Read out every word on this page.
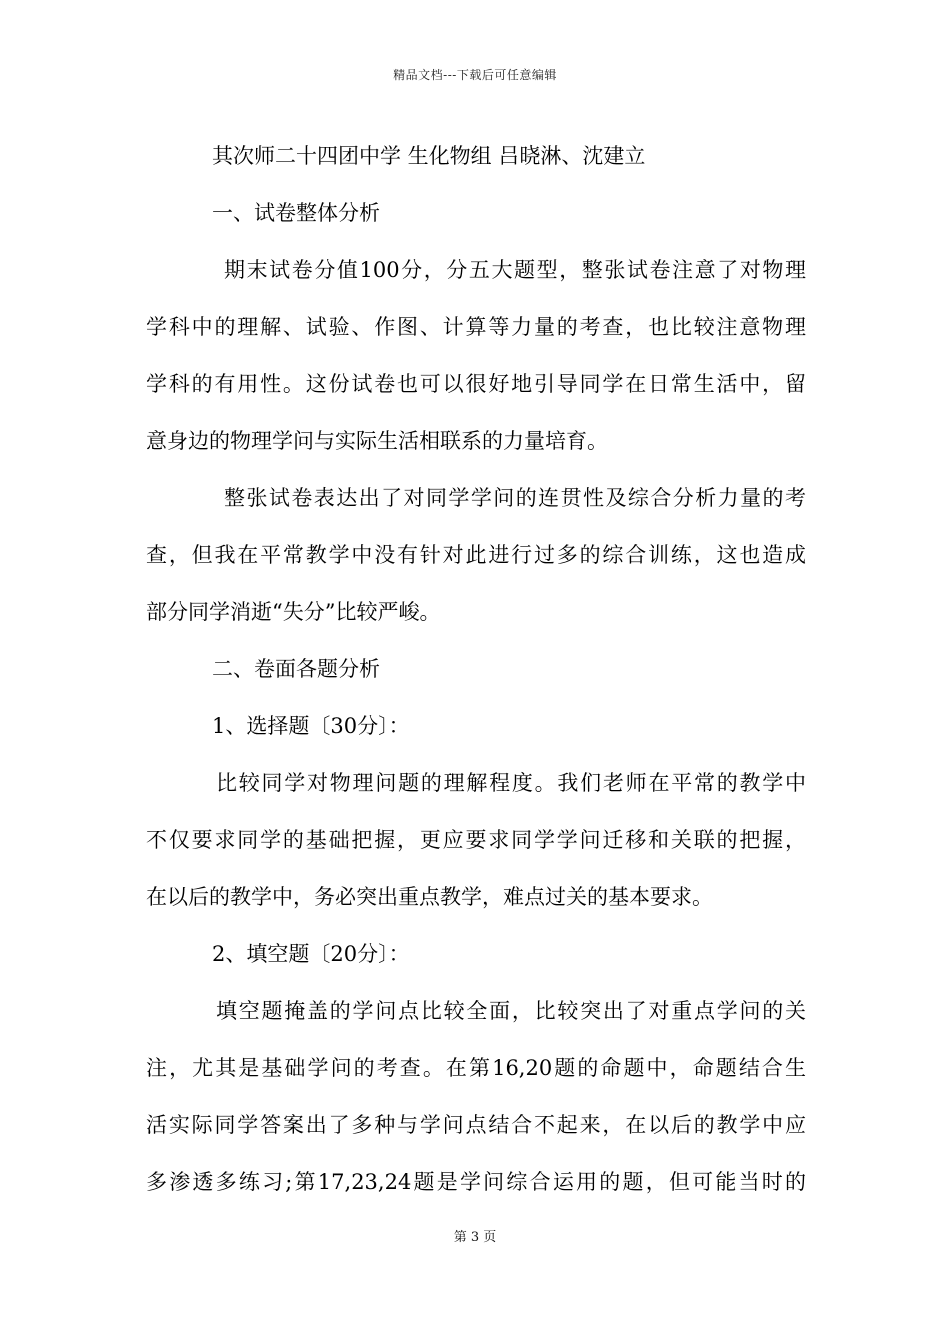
精品文档---下载后可任意编辑
其次师二十四团中学 生化物组 吕晓淋、沈建立
一、试卷整体分析
期末试卷分值100分，分五大题型，整张试卷注意了对物理
学科中的理解、试验、作图、计算等力量的考查，也比较注意物理
学科的有用性。这份试卷也可以很好地引导同学在日常生活中，留
意身边的物理学问与实际生活相联系的力量培育。
整张试卷表达出了对同学学问的连贯性及综合分析力量的考
查，但我在平常教学中没有针对此进行过多的综合训练，这也造成
部分同学消逝“失分”比较严峻。
二、卷面各题分析
1、选择题〔30分〕：
比较同学对物理问题的理解程度。我们老师在平常的教学中
不仅要求同学的基础把握，更应要求同学学问迁移和关联的把握，
在以后的教学中，务必突出重点教学，难点过关的基本要求。
2、填空题〔20分〕：
填空题掩盖的学问点比较全面，比较突出了对重点学问的关
注，尤其是基础学问的考查。在第16,20题的命题中，命题结合生
活实际同学答案出了多种与学问点结合不起来，在以后的教学中应
多渗透多练习;第17,23,24题是学问综合运用的题，但可能当时的
第 3 页
